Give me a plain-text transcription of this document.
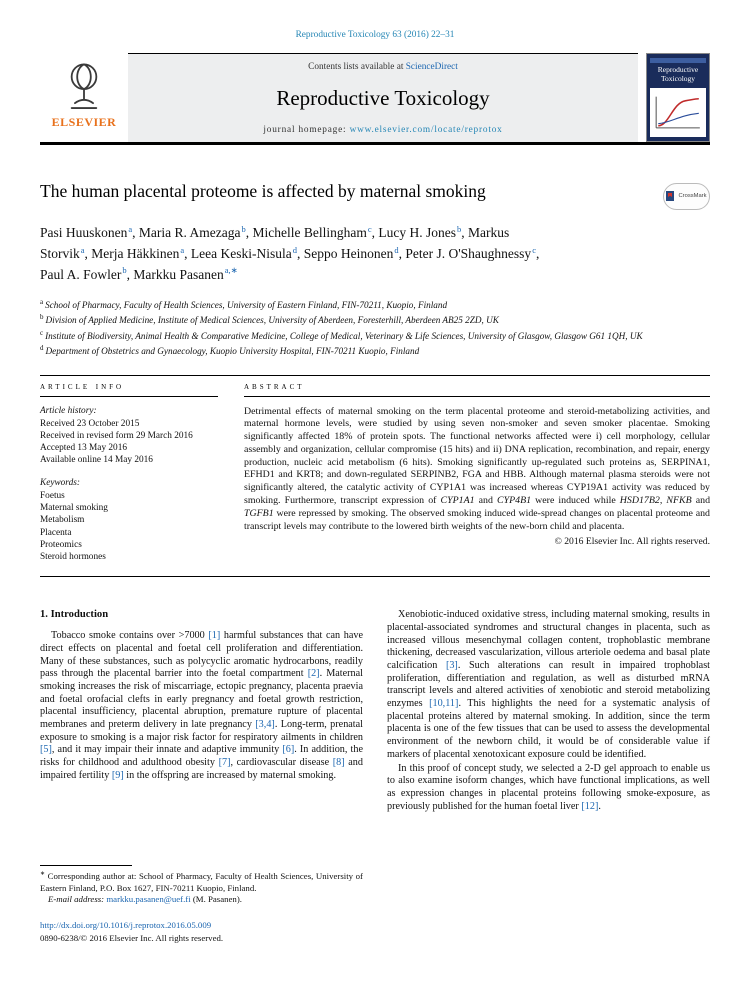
Reproductive Toxicology 63 (2016) 22–31
ELSEVIER
Contents lists available at ScienceDirect
Reproductive Toxicology
journal homepage: www.elsevier.com/locate/reprotox
Reproductive Toxicology
The human placental proteome is affected by maternal smoking	CrossMark
Pasi Huuskonen$^a$ , Maria R. Amezaga$^b$ , Michelle Bellingham$^c$ , Lucy H. Jones$^b$ , Markus Storvik$^a$ , Merja Häkkinen$^a$ , Leea Keski-Nisula$^d$ , Seppo Heinonen$^d$ , Peter J. O'Shaughnessy$^c$ , Paul A. Fowler$^b$ , Markku Pasanen$^{a,∗}$
$^a$ School of Pharmacy, Faculty of Health Sciences, University of Eastern Finland, FIN-70211, Kuopio, Finland
$^b$ Division of Applied Medicine, Institute of Medical Sciences, University of Aberdeen, Foresterhill, Aberdeen AB25 2ZD, UK
$^c$ Institute of Biodiversity, Animal Health & Comparative Medicine, College of Medical, Veterinary & Life Sciences, University of Glasgow, Glasgow G61 1QH, UK
$^d$ Department of Obstetrics and Gynaecology, Kuopio University Hospital, FIN-70211 Kuopio, Finland
article info
Article history:
Received 23 October 2015
Received in revised form 29 March 2016
Accepted 13 May 2016
Available online 14 May 2016
Keywords:
Foetus
Maternal smoking
Metabolism
Placenta
Proteomics
Steroid hormones
abstract
Detrimental effects of maternal smoking on the term placental proteome and steroid-metabolizing activities, and maternal hormone levels, were studied by using seven non-smoker and seven smoker placentae. Smoking significantly affected 18% of protein spots. The functional networks affected were i) cell morphology, cellular assembly and organization, cellular compromise (15 hits) and ii) DNA replication, recombination, and repair, energy production, nucleic acid metabolism (6 hits). Smoking significantly up-regulated such proteins as, SERPINA1, EFHD1 and KRT8; and down-regulated SERPINB2, FGA and HBB. Although maternal plasma steroids were not significantly altered, the catalytic activity of CYP1A1 was increased whereas CYP19A1 activity was reduced by smoking. Furthermore, transcript expression of CYP1A1 and CYP4B1 were induced while HSD17B2, NFKB and TGFB1 were repressed by smoking. The observed smoking induced wide-spread changes on placental proteome and transcript levels may contribute to the lowered birth weights of the new-born child and placenta.
© 2016 Elsevier Inc. All rights reserved.
1. Introduction

Tobacco smoke contains over >7000 [1] harmful substances that can have direct effects on placental and foetal cell proliferation and differentiation. Many of these substances, such as polycyclic aromatic hydrocarbons, readily pass through the placental barrier into the foetal compartment [2]. Maternal smoking increases the risk of miscarriage, ectopic pregnancy, placenta praevia and foetal orofacial clefts in early pregnancy and foetal growth restriction, placental insufficiency, placental abruption, premature rupture of placental membranes and preterm delivery in late pregnancy [3,4]. Long-term, prenatal exposure to smoking is a major risk factor for respiratory ailments in children [5], and it may impair their innate and adaptive immunity [6]. In addition, the risks for childhood and adulthood obesity [7], cardiovascular disease [8] and impaired fertility [9] in the offspring are increased by maternal smoking.

∗ Corresponding author at: School of Pharmacy, Faculty of Health Sciences, University of Eastern Finland, P.O. Box 1627, FIN-70211 Kuopio, Finland.

E-mail address: markku.pasanen@uef.fi (M. Pasanen).

http://dx.doi.org/10.1016/j.reprotox.2016.05.009
0890-6238/© 2016 Elsevier Inc. All rights reserved.

Xenobiotic-induced oxidative stress, including maternal smoking, results in placental-associated syndromes and structural changes in placenta, such as increased villous mesenchymal collagen content, trophoblastic membrane thickening, decreased vascularization, villous arteriole oedema and basal plate calcification [3]. Such alterations can result in impaired trophoblast proliferation, differentiation and regulation, as well as disturbed mRNA transcript levels and altered activities of xenobiotic and steroid metabolizing enzymes [10,11]. This highlights the need for a systematic analysis of placental proteins altered by maternal smoking. In addition, since the term placenta is one of the few tissues that can be used to assess the developmental environment of the newborn child, it would be of considerable value if markers of placental xenotoxicant exposure could be identified.

In this proof of concept study, we selected a 2-D gel approach to enable us to also examine isoform changes, which have functional implications, as well as expression changes in placental proteins following smoke-exposure, as previously published for the human foetal liver [12].
